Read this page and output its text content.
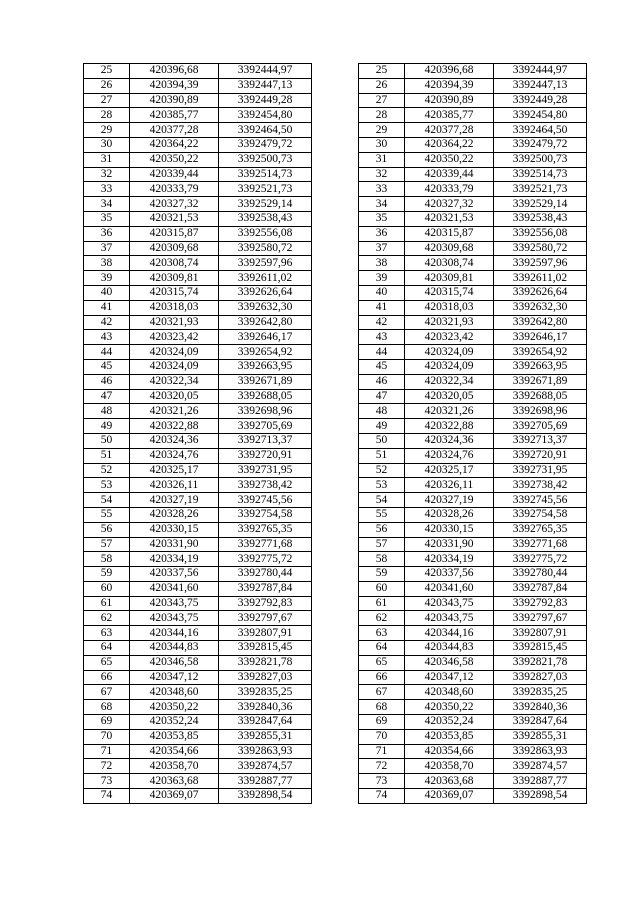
25	420396,68	3392444,97
26	420394,39	3392447,13
27	420390,89	3392449,28
28	420385,77	3392454,80
29	420377,28	3392464,50
30	420364,22	3392479,72
31	420350,22	3392500,73
32	420339,44	3392514,73
33	420333,79	3392521,73
34	420327,32	3392529,14
35	420321,53	3392538,43
36	420315,87	3392556,08
37	420309,68	3392580,72
38	420308,74	3392597,96
39	420309,81	3392611,02
40	420315,74	3392626,64
41	420318,03	3392632,30
42	420321,93	3392642,80
43	420323,42	3392646,17
44	420324,09	3392654,92
45	420324,09	3392663,95
46	420322,34	3392671,89
47	420320,05	3392688,05
48	420321,26	3392698,96
49	420322,88	3392705,69
50	420324,36	3392713,37
51	420324,76	3392720,91
52	420325,17	3392731,95
53	420326,11	3392738,42
54	420327,19	3392745,56
55	420328,26	3392754,58
56	420330,15	3392765,35
57	420331,90	3392771,68
58	420334,19	3392775,72
59	420337,56	3392780,44
60	420341,60	3392787,84
61	420343,75	3392792,83
62	420343,75	3392797,67
63	420344,16	3392807,91
64	420344,83	3392815,45
65	420346,58	3392821,78
66	420347,12	3392827,03
67	420348,60	3392835,25
68	420350,22	3392840,36
69	420352,24	3392847,64
70	420353,85	3392855,31
71	420354,66	3392863,93
72	420358,70	3392874,57
73	420363,68	3392887,77
74	420369,07	3392898,54
25	420396,68	3392444,97
26	420394,39	3392447,13
27	420390,89	3392449,28
28	420385,77	3392454,80
29	420377,28	3392464,50
30	420364,22	3392479,72
31	420350,22	3392500,73
32	420339,44	3392514,73
33	420333,79	3392521,73
34	420327,32	3392529,14
35	420321,53	3392538,43
36	420315,87	3392556,08
37	420309,68	3392580,72
38	420308,74	3392597,96
39	420309,81	3392611,02
40	420315,74	3392626,64
41	420318,03	3392632,30
42	420321,93	3392642,80
43	420323,42	3392646,17
44	420324,09	3392654,92
45	420324,09	3392663,95
46	420322,34	3392671,89
47	420320,05	3392688,05
48	420321,26	3392698,96
49	420322,88	3392705,69
50	420324,36	3392713,37
51	420324,76	3392720,91
52	420325,17	3392731,95
53	420326,11	3392738,42
54	420327,19	3392745,56
55	420328,26	3392754,58
56	420330,15	3392765,35
57	420331,90	3392771,68
58	420334,19	3392775,72
59	420337,56	3392780,44
60	420341,60	3392787,84
61	420343,75	3392792,83
62	420343,75	3392797,67
63	420344,16	3392807,91
64	420344,83	3392815,45
65	420346,58	3392821,78
66	420347,12	3392827,03
67	420348,60	3392835,25
68	420350,22	3392840,36
69	420352,24	3392847,64
70	420353,85	3392855,31
71	420354,66	3392863,93
72	420358,70	3392874,57
73	420363,68	3392887,77
74	420369,07	3392898,54
